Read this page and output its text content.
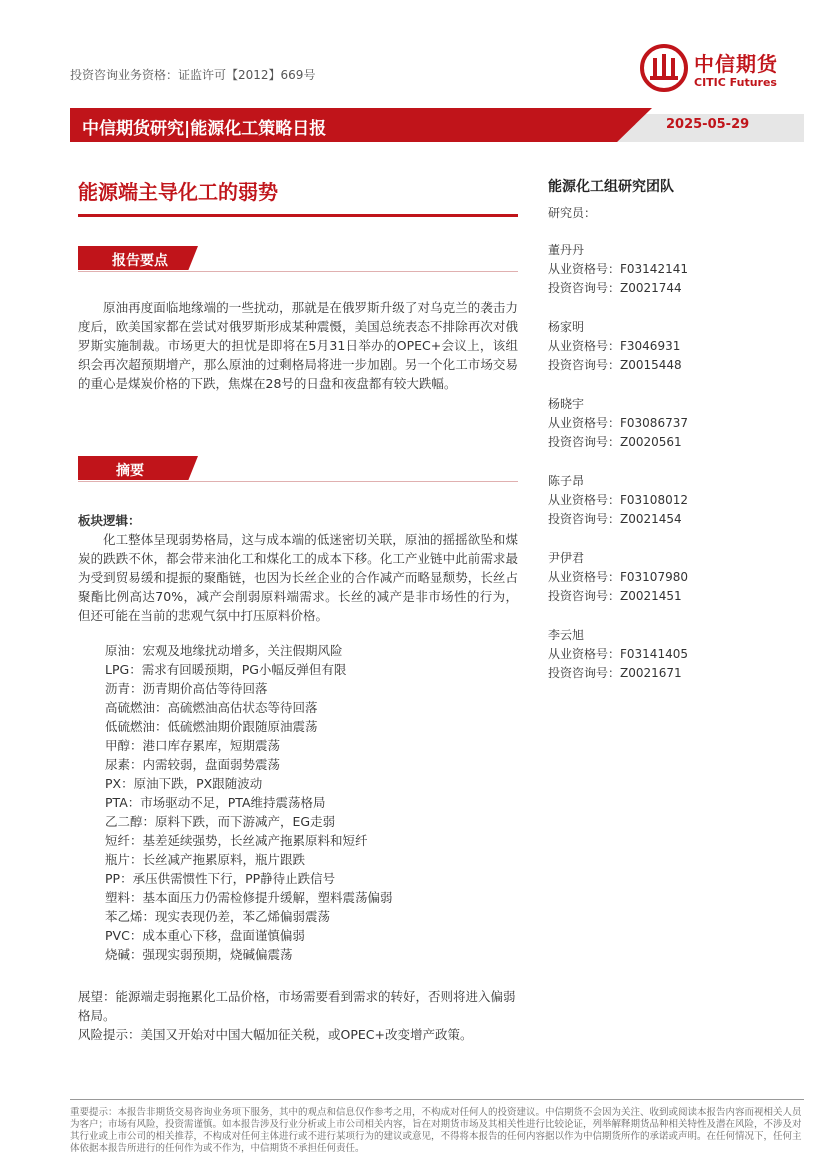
投资咨询业务资格：证监许可【2012】669号	中信期货
CITIC Futures
中信期货研究|能源化工策略日报	2025-05-29
能源端主导化工的弱势
报告要点
原油再度面临地缘端的一些扰动，那就是在俄罗斯升级了对乌克兰的袭击力度后，欧美国家都在尝试对俄罗斯形成某种震慑，美国总统表态不排除再次对俄罗斯实施制裁。市场更大的担忧是即将在5月31日举办的OPEC+会议上，该组织会再次超预期增产，那么原油的过剩格局将进一步加剧。另一个化工市场交易的重心是煤炭价格的下跌，焦煤在28号的日盘和夜盘都有较大跌幅。
摘要
板块逻辑：
化工整体呈现弱势格局，这与成本端的低迷密切关联，原油的摇摇欲坠和煤炭的跌跌不休，都会带来油化工和煤化工的成本下移。化工产业链中此前需求最为受到贸易缓和提振的聚酯链，也因为长丝企业的合作减产而略显颓势，长丝占聚酯比例高达70%，减产会削弱原料端需求。长丝的减产是非市场性的行为，但还可能在当前的悲观气氛中打压原料价格。
原油：宏观及地缘扰动增多，关注假期风险
LPG：需求有回暖预期，PG小幅反弹但有限
沥青：沥青期价高估等待回落
高硫燃油：高硫燃油高估状态等待回落
低硫燃油：低硫燃油期价跟随原油震荡
甲醇：港口库存累库，短期震荡
尿素：内需较弱，盘面弱势震荡
PX：原油下跌，PX跟随波动
PTA：市场驱动不足，PTA维持震荡格局
乙二醇：原料下跌，而下游减产，EG走弱
短纤：基差延续强势，长丝减产拖累原料和短纤
瓶片：长丝减产拖累原料，瓶片跟跌
PP：承压供需惯性下行，PP静待止跌信号
塑料：基本面压力仍需检修提升缓解，塑料震荡偏弱
苯乙烯：现实表现仍差，苯乙烯偏弱震荡
PVC：成本重心下移，盘面谨慎偏弱
烧碱：强现实弱预期，烧碱偏震荡
展望：能源端走弱拖累化工品价格，市场需要看到需求的转好，否则将进入偏弱格局。
风险提示：美国又开始对中国大幅加征关税，或OPEC+改变增产政策。
能源化工组研究团队
研究员：
董丹丹
从业资格号：F03142141
投资咨询号：Z0021744
杨家明
从业资格号：F3046931
投资咨询号：Z0015448
杨晓宇
从业资格号：F03086737
投资咨询号：Z0020561
陈子昂
从业资格号：F03108012
投资咨询号：Z0021454
尹伊君
从业资格号：F03107980
投资咨询号：Z0021451
李云旭
从业资格号：F03141405
投资咨询号：Z0021671
重要提示：本报告非期货交易咨询业务项下服务，其中的观点和信息仅作参考之用，不构成对任何人的投资建议。中信期货不会因为关注、收到或阅读本报告内容而视相关人员为客户；市场有风险，投资需谨慎。如本报告涉及行业分析或上市公司相关内容，旨在对期货市场及其相关性进行比较论证，列举解释期货品种相关特性及潜在风险，不涉及对其行业或上市公司的相关推荐，不构成对任何主体进行或不进行某项行为的建议或意见，不得将本报告的任何内容据以作为中信期货所作的承诺或声明。在任何情况下，任何主体依据本报告所进行的任何作为或不作为，中信期货不承担任何责任。
